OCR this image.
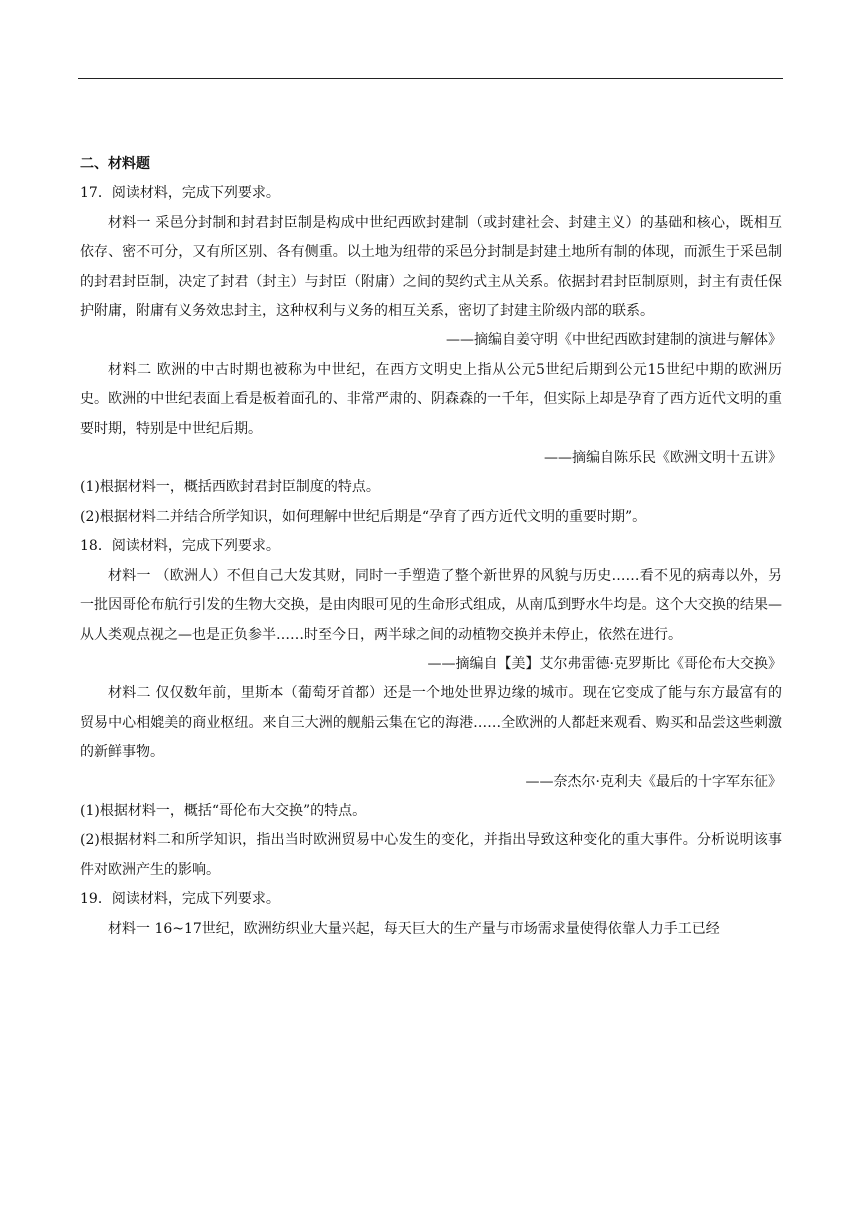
二、材料题

17．阅读材料，完成下列要求。

材料一 采邑分封制和封君封臣制是构成中世纪西欧封建制（或封建社会、封建主义）的基础和核心，既相互依存、密不可分，又有所区别、各有侧重。以土地为纽带的采邑分封制是封建土地所有制的体现，而派生于采邑制的封君封臣制，决定了封君（封主）与封臣（附庸）之间的契约式主从关系。依据封君封臣制原则，封主有责任保护附庸，附庸有义务效忠封主，这种权利与义务的相互关系，密切了封建主阶级内部的联系。

——摘编自姜守明《中世纪西欧封建制的演进与解体》

材料二 欧洲的中古时期也被称为中世纪，在西方文明史上指从公元5世纪后期到公元15世纪中期的欧洲历史。欧洲的中世纪表面上看是板着面孔的、非常严肃的、阴森森的一千年，但实际上却是孕育了西方近代文明的重要时期，特别是中世纪后期。

——摘编自陈乐民《欧洲文明十五讲》

(1)根据材料一，概括西欧封君封臣制度的特点。

(2)根据材料二并结合所学知识，如何理解中世纪后期是“孕育了西方近代文明的重要时期”。

18．阅读材料，完成下列要求。

材料一 （欧洲人）不但自己大发其财，同时一手塑造了整个新世界的风貌与历史……看不见的病毒以外，另一批因哥伦布航行引发的生物大交换，是由肉眼可见的生命形式组成，从南瓜到野水牛均是。这个大交换的结果—从人类观点视之—也是正负参半……时至今日，两半球之间的动植物交换并未停止，依然在进行。

——摘编自【美】艾尔弗雷德·克罗斯比《哥伦布大交换》

材料二 仅仅数年前，里斯本（葡萄牙首都）还是一个地处世界边缘的城市。现在它变成了能与东方最富有的贸易中心相媲美的商业枢纽。来自三大洲的舰船云集在它的海港……全欧洲的人都赶来观看、购买和品尝这些刺激的新鲜事物。

——奈杰尔·克利夫《最后的十字军东征》

(1)根据材料一，概括“哥伦布大交换”的特点。

(2)根据材料二和所学知识，指出当时欧洲贸易中心发生的变化，并指出导致这种变化的重大事件。分析说明该事件对欧洲产生的影响。

19．阅读材料，完成下列要求。

材料一 16~17世纪，欧洲纺织业大量兴起，每天巨大的生产量与市场需求量使得依靠人力手工已经
